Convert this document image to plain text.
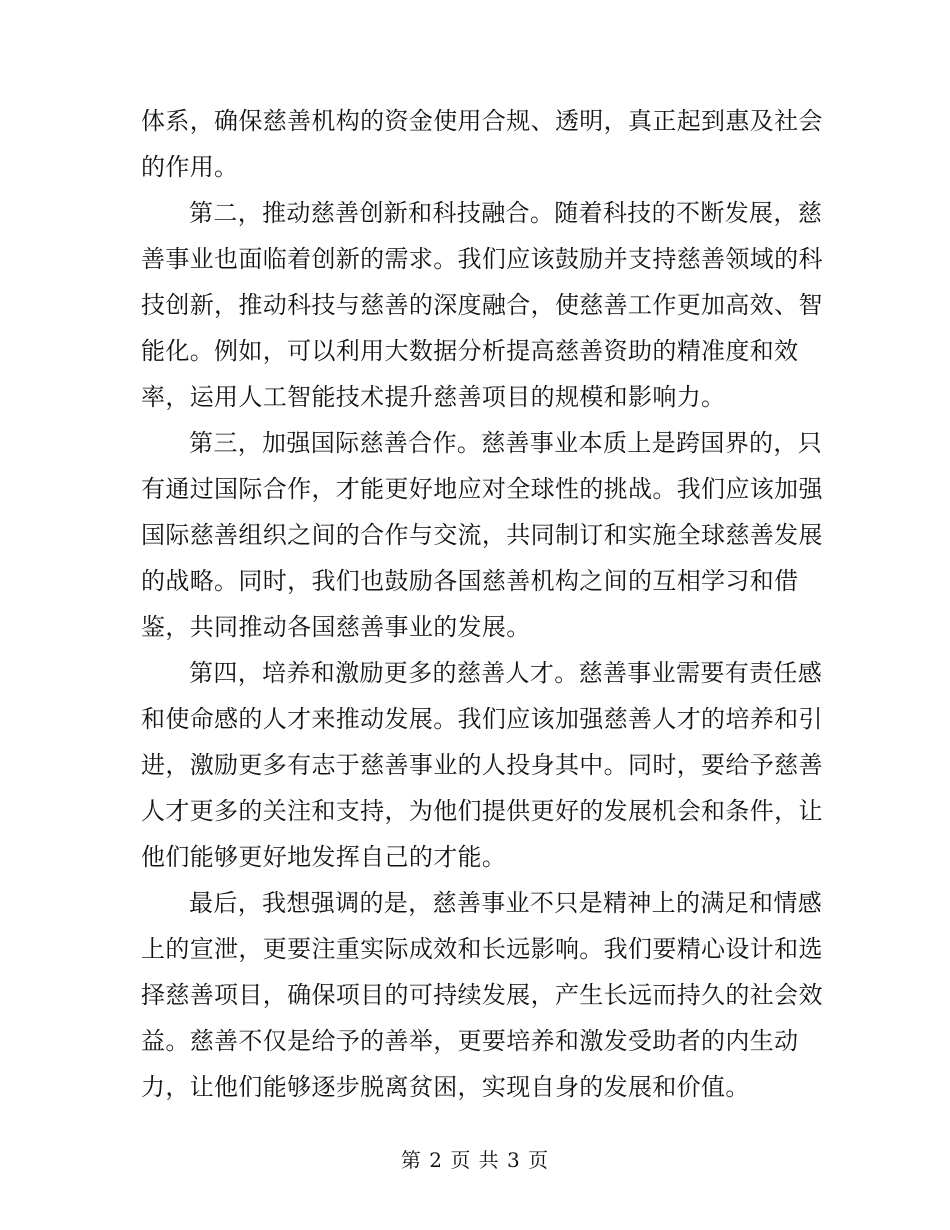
体系，确保慈善机构的资金使用合规、透明，真正起到惠及社会
的作用。
第二，推动慈善创新和科技融合。随着科技的不断发展，慈
善事业也面临着创新的需求。我们应该鼓励并支持慈善领域的科
技创新，推动科技与慈善的深度融合，使慈善工作更加高效、智
能化。例如，可以利用大数据分析提高慈善资助的精准度和效
率，运用人工智能技术提升慈善项目的规模和影响力。
第三，加强国际慈善合作。慈善事业本质上是跨国界的，只
有通过国际合作，才能更好地应对全球性的挑战。我们应该加强
国际慈善组织之间的合作与交流，共同制订和实施全球慈善发展
的战略。同时，我们也鼓励各国慈善机构之间的互相学习和借
鉴，共同推动各国慈善事业的发展。
第四，培养和激励更多的慈善人才。慈善事业需要有责任感
和使命感的人才来推动发展。我们应该加强慈善人才的培养和引
进，激励更多有志于慈善事业的人投身其中。同时，要给予慈善
人才更多的关注和支持，为他们提供更好的发展机会和条件，让
他们能够更好地发挥自己的才能。
最后，我想强调的是，慈善事业不只是精神上的满足和情感
上的宣泄，更要注重实际成效和长远影响。我们要精心设计和选
择慈善项目，确保项目的可持续发展，产生长远而持久的社会效
益。慈善不仅是给予的善举，更要培养和激发受助者的内生动
力，让他们能够逐步脱离贫困，实现自身的发展和价值。
第 2 页 共 3 页
